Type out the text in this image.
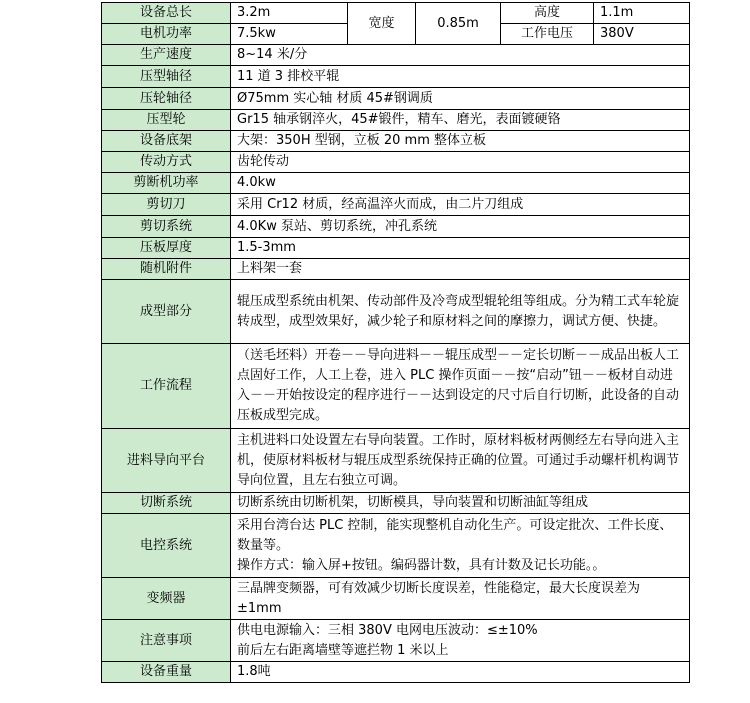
设备总长	3.2m	宽度	0.85m	高度	1.1m
电机功率	7.5kw			工作电压	380V
生产速度	8~14 米/分				
压型轴径	11 道 3 排校平辊				
压轮轴径	Ø75mm 实心轴 材质 45#钢调质				
压型轮	Gr15 轴承钢淬火，45#锻件，精车、磨光，表面镀硬铬				
设备底架	大架：350H 型钢，立板 20 mm 整体立板				
传动方式	齿轮传动				
剪断机功率	4.0kw				
剪切刀	采用 Cr12 材质，经高温淬火而成，由二片刀组成				
剪切系统	4.0Kw 泵站、剪切系统，冲孔系统				
压板厚度	1.5-3mm				
随机附件	上料架一套				
成型部分	辊压成型系统由机架、传动部件及冷弯成型辊轮组等组成。分为精工式车轮旋转成型，成型效果好，减少轮子和原材料之间的摩擦力，调试方便、快捷。				
工作流程	（送毛坯料）开卷－－导向进料－－辊压成型－－定长切断－－成品出板人工点固好工作，人工上卷，进入 PLC 操作页面－－按“启动”钮－－板材自动进入－－开始按设定的程序进行－－达到设定的尺寸后自行切断，此设备的自动压板成型完成。				
进料导向平台	主机进料口处设置左右导向装置。工作时，原材料板材两侧经左右导向进入主机，使原材料板材与辊压成型系统保持正确的位置。可通过手动螺杆机构调节导向位置，且左右独立可调。				
切断系统	切断系统由切断机架，切断模具，导向装置和切断油缸等组成				
电控系统	采用台湾台达 PLC 控制，能实现整机自动化生产。可设定批次、工件长度、数量等。
操作方式：输入屏+按钮。编码器计数，具有计数及记长功能。。				

变频器	三晶牌变频器，可有效减少切断长度误差，性能稳定，最大长度误差为±1mm				
注意事项	供电电源输入：三相 380V 电网电压波动：≤±10%
前后左右距离墙壁等遮拦物 1 米以上				

设备重量	1.8吨				
